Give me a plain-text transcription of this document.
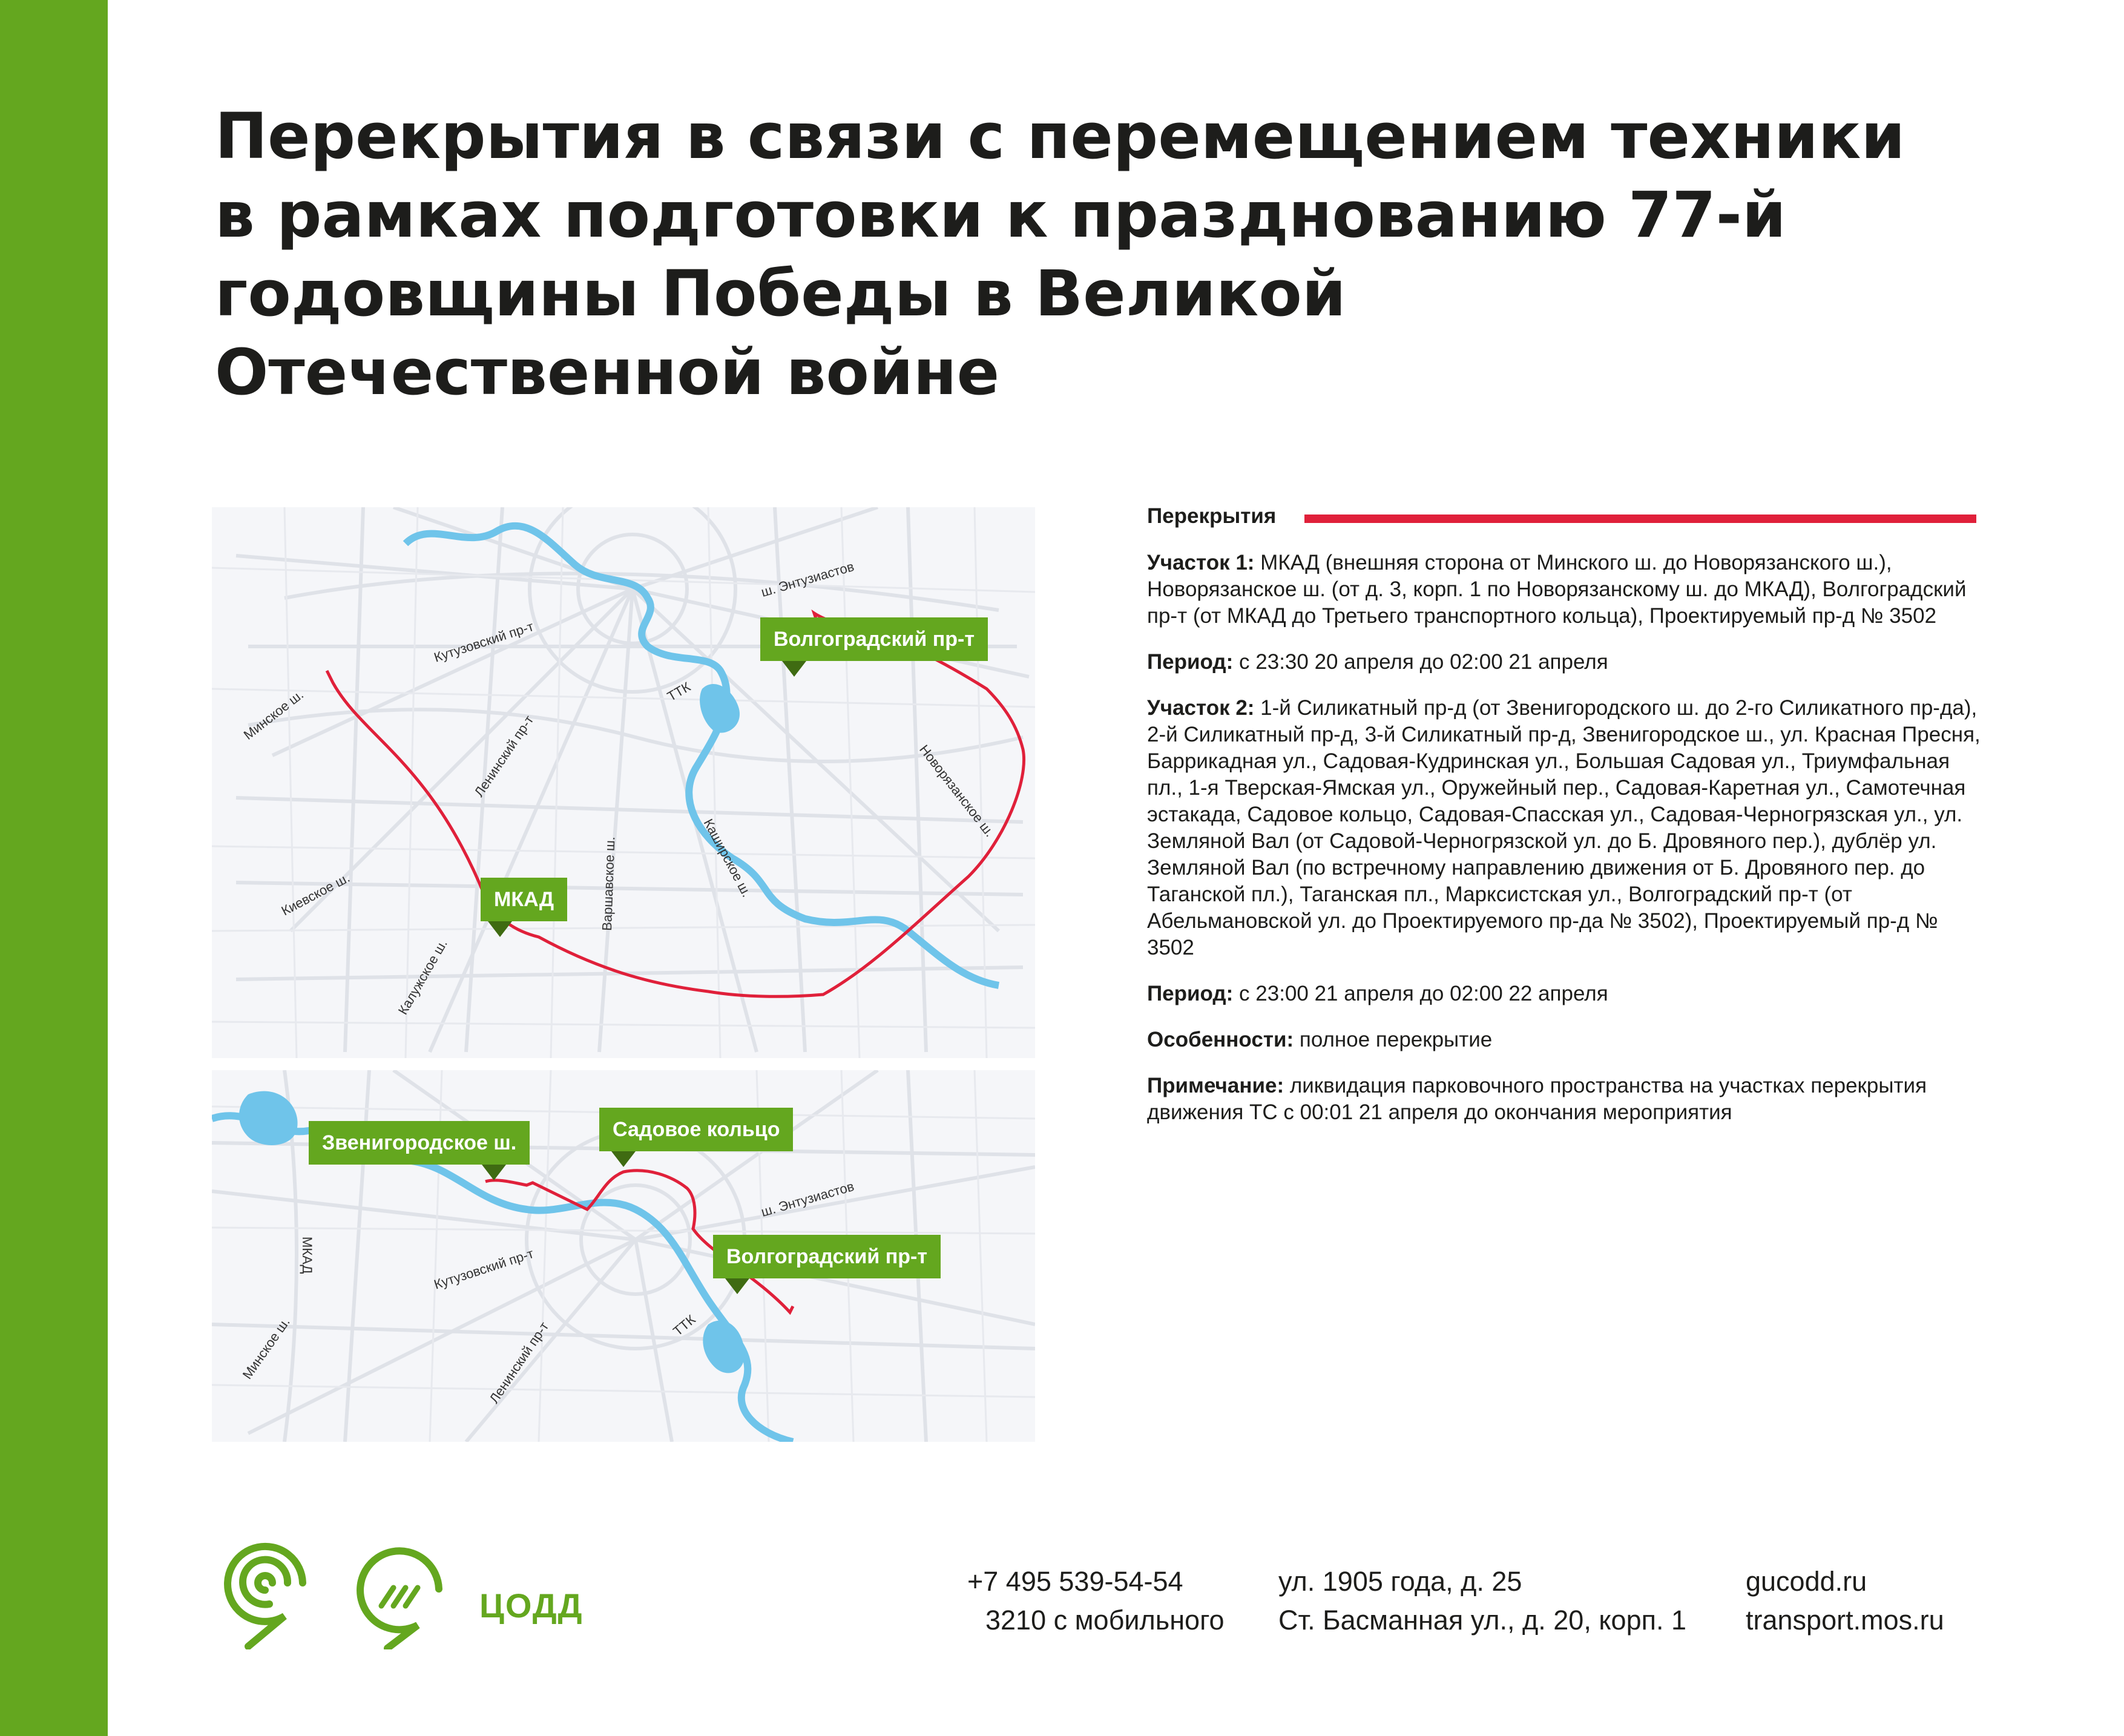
Перекрытия в связи с перемещением техники в рамках подготовки к празднованию 77-й годовщины Победы в Великой Отечественной войне
ш. Энтузиастов
Кутузовский пр-т
Минское ш.	Ленинский пр-т
ТТК
Новорязанское ш.
Варшавское ш.	Каширское ш.
Киевское ш.
Калужское ш.
Волгоградский пр-т
МКАД
ш. Энтузиастов
МКАД	Кутузовский пр-т
Минское ш.	Ленинский пр-т	ТТК
Звенигородское ш.
Садовое кольцо
Волгоградский пр-т
Перекрытия

Участок 1: МКАД (внешняя сторона от Минского ш. до Новорязанского ш.), Новорязанское ш. (от д. 3, корп. 1 по Новорязанскому ш. до МКАД), Волгоградский пр-т (от МКАД до Третьего транспортного кольца), Проектируемый пр-д № 3502

Период: с 23:30 20 апреля до 02:00 21 апреля

Участок 2: 1-й Силикатный пр-д (от Звенигородского ш. до 2-го Силикатного пр-да), 2-й Силикатный пр-д, 3-й Силикатный пр-д, Звенигородское ш., ул. Красная Пресня, Баррикадная ул., Садовая-Кудринская ул., Большая Садовая ул., Триумфальная пл., 1-я Тверская-Ямская ул., Оружейный пер., Садовая-Каретная ул., Самотечная эстакада, Садовое кольцо, Садовая-Спасская ул., Садовая-Черногрязская ул., ул. Земляной Вал (от Садовой-Черногрязской ул. до Б. Дровяного пер.), дублёр ул. Земляной Вал (по встречному направлению движения от Б. Дровяного пер. до Таганской пл.), Таганская пл., Марксистская ул., Волгоградский пр-т (от Абельмановской ул. до Проектируемого пр-да № 3502), Проектируемый пр-д № 3502

Период: с 23:00 21 апреля до 02:00 22 апреля

Особенности: полное перекрытие

Примечание: ликвидация парковочного пространства на участках перекрытия движения ТС с 00:01 21 апреля до окончания мероприятия

ЦОДД
+7 495 539-54-54
3210 с мобильного
ул. 1905 года, д. 25
Ст. Басманная ул., д. 20, корп. 1
gucodd.ru
transport.mos.ru
